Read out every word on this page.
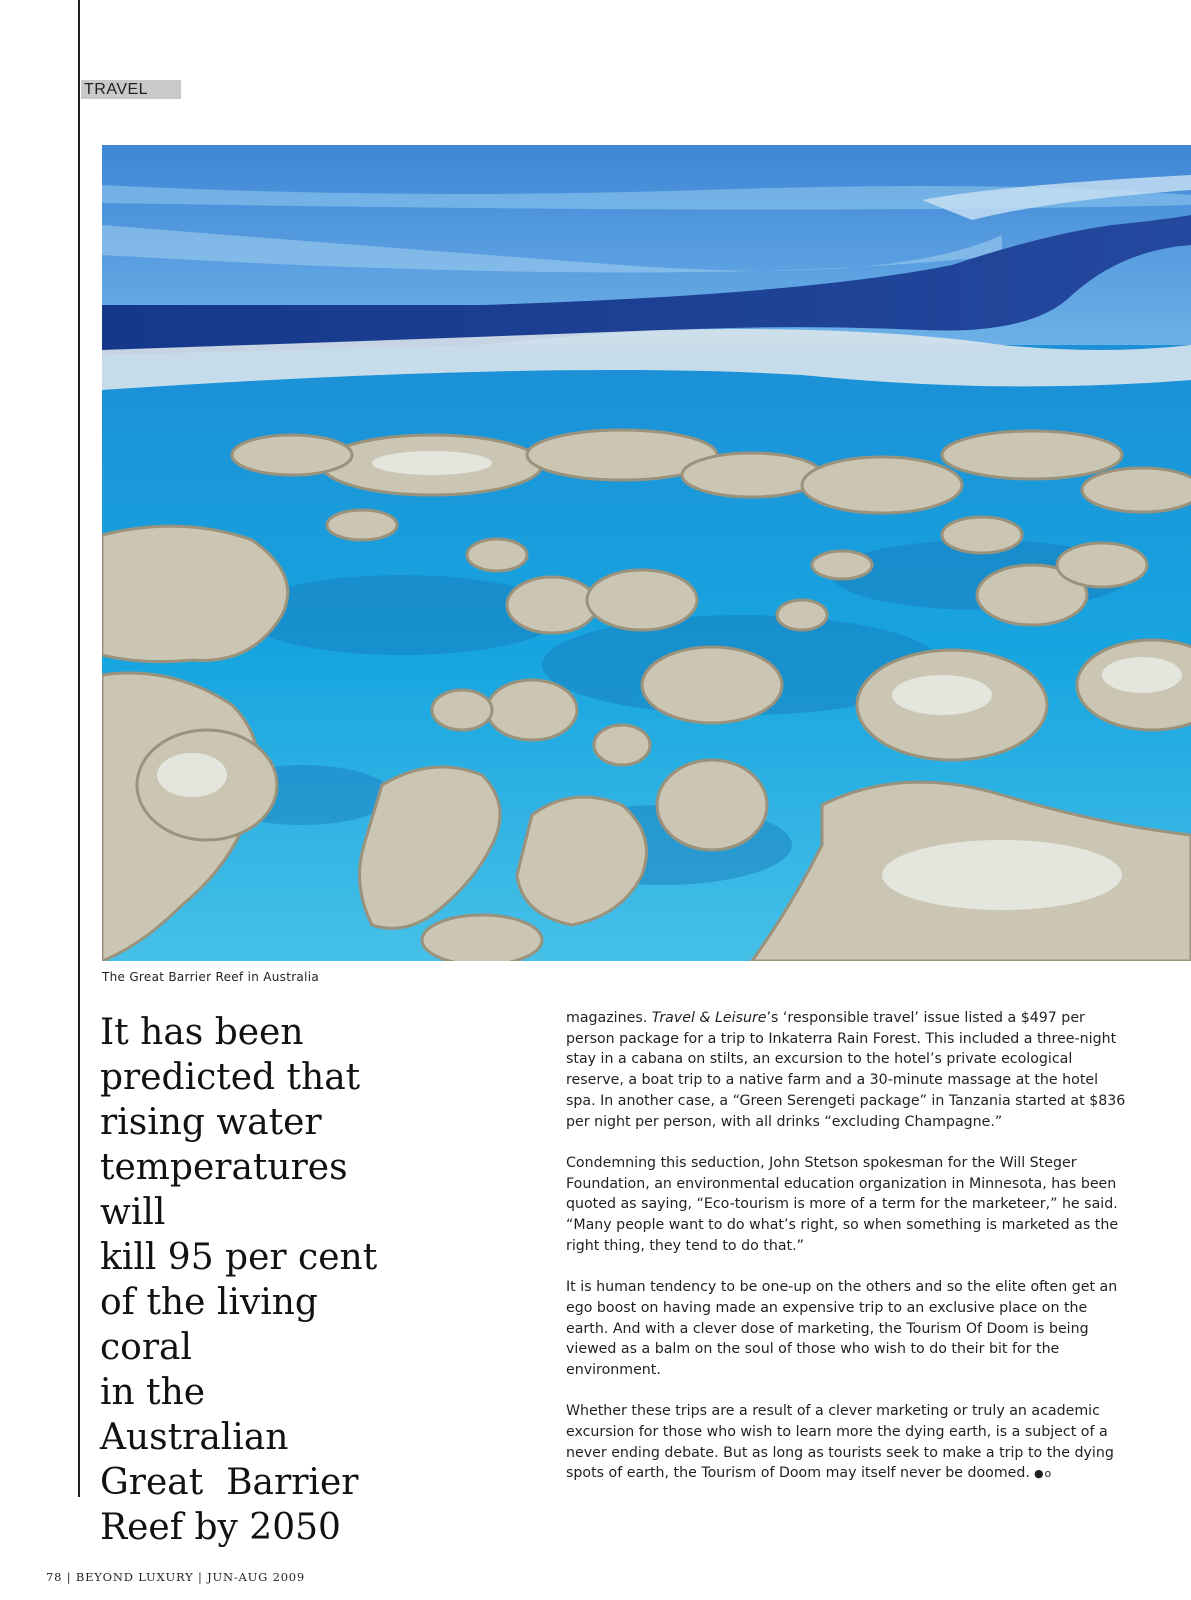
TRAVEL
The Great Barrier Reef in Australia
It has been
predicted that
rising water
temperatures will
kill 95 per cent
of the living coral
in the Australian
Great  Barrier
Reef by 2050

magazines. Travel & Leisure’s ‘responsible travel’ issue listed a $497 per person package for a trip to Inkaterra Rain Forest. This included a three-night stay in a cabana on stilts, an excursion to the hotel’s private ecological reserve, a boat trip to a native farm and a 30-minute massage at the hotel spa. In another case, a “Green Serengeti package” in Tanzania started at $836 per night per person, with all drinks “excluding Champagne.”

Condemning this seduction, John Stetson spokesman for the Will Steger Foundation, an environmental education organization in Minnesota, has been quoted as saying, “Eco-tourism is more of a term for the marketeer,” he said. “Many people want to do what’s right, so when something is marketed as the right thing, they tend to do that.”

It is human tendency to be one-up on the others and so the elite often get an ego boost on having made an expensive trip to an exclusive place on the earth. And with a clever dose of marketing, the Tourism Of Doom is being viewed as a balm on the soul of those who wish to do their bit for the environment.

Whether these trips are a result of a clever marketing or truly an academic excursion for those who wish to learn more the dying earth, is a subject of a never ending debate. But as long as tourists seek to make a trip to the dying spots of earth, the Tourism of Doom may itself never be doomed. ●o

78 | BEYOND LUXURY | JUN-AUG 2009
